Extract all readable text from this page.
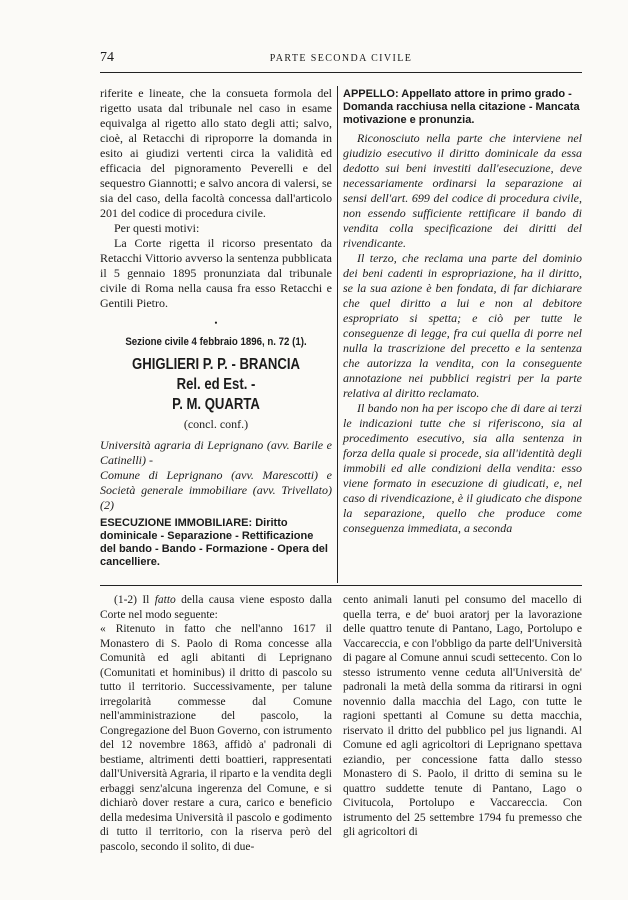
74	PARTE SECONDA CIVILE

riferite e lineate, che la consueta formola del rigetto usata dal tribunale nel caso in esame equivalga al rigetto allo stato degli atti; salvo, cioè, al Retacchi di riproporre la domanda in esito ai giudizi vertenti circa la validità ed efficacia del pignoramento Peverelli e del sequestro Giannotti; e salvo ancora di valersi, se sia del caso, della facoltà concessa dall'articolo 201 del codice di procedura civile.

Per questi motivi:

La Corte rigetta il ricorso presentato da Retacchi Vittorio avverso la sentenza pubblicata il 5 gennaio 1895 pronunziata dal tribunale civile di Roma nella causa fra esso Retacchi e Gentili Pietro.

•
Sezione civile 4 febbraio 1896, n. 72 (1).
GHIGLIERI P. P. - BRANCIA Rel. ed Est. -
P. M. QUARTA
(concl. conf.)

Università agraria di Leprignano (avv. Barile e Catinelli) -

Comune di Leprignano (avv. Marescotti) e Società generale immobiliare (avv. Trivellato) (2)

ESECUZIONE IMMOBILIARE: Diritto dominicale - Separazione - Rettificazione del bando - Bando - Formazione - Opera del cancelliere.
APPELLO: Appellato attore in primo grado - Domanda racchiusa nella citazione - Mancata motivazione e pronunzia.

Riconosciuto nella parte che interviene nel giudizio esecutivo il diritto dominicale da essa dedotto sui beni investiti dall'esecuzione, deve necessariamente ordinarsi la separazione ai sensi dell'art. 699 del codice di procedura civile, non essendo sufficiente rettificare il bando di vendita colla specificazione dei diritti del rivendicante.

Il terzo, che reclama una parte del dominio dei beni cadenti in espropriazione, ha il diritto, se la sua azione è ben fondata, di far dichiarare che quel diritto a lui e non al debitore espropriato si spetta; e ciò per tutte le conseguenze di legge, fra cui quella di porre nel nulla la trascrizione del precetto e la sentenza che autorizza la vendita, con la conseguente annotazione nei pubblici registri per la parte relativa al diritto reclamato.

Il bando non ha per iscopo che di dare ai terzi le indicazioni tutte che si riferiscono, sia al procedimento esecutivo, sia alla sentenza in forza della quale si procede, sia all'identità degli immobili ed alle condizioni della vendita: esso viene formato in esecuzione di giudicati, e, nel caso di rivendicazione, è il giudicato che dispone la separazione, quello che produce come conseguenza immediata, a seconda

(1-2) Il fatto della causa viene esposto dalla Corte nel modo seguente:

« Ritenuto in fatto che nell'anno 1617 il Monastero di S. Paolo di Roma concesse alla Comunità ed agli abitanti di Leprignano (Comunitati et hominibus) il dritto di pascolo su tutto il territorio. Successivamente, per talune irregolarità commesse dal Comune nell'amministrazione del pascolo, la Congregazione del Buon Governo, con istrumento del 12 novembre 1863, affidò a' padronali di bestiame, altrimenti detti boattieri, rappresentati dall'Università Agraria, il riparto e la vendita degli erbaggi senz'alcuna ingerenza del Comune, e si dichiarò dover restare a cura, carico e beneficio della medesima Università il pascolo e godimento di tutto il territorio, con la riserva però del pascolo, secondo il solito, di due-

cento animali lanuti pel consumo del macello di quella terra, e de' buoi aratorj per la lavorazione delle quattro tenute di Pantano, Lago, Portolupo e Vaccareccia, e con l'obbligo da parte dell'Università di pagare al Comune annui scudi settecento. Con lo stesso istrumento venne ceduta all'Università de' padronali la metà della somma da ritirarsi in ogni novennio dalla macchia del Lago, con tutte le ragioni spettanti al Comune su detta macchia, riservato il dritto del pubblico pel jus lignandi. Al Comune ed agli agricoltori di Leprignano spettava eziandio, per concessione fatta dallo stesso Monastero di S. Paolo, il dritto di semina su le quattro suddette tenute di Pantano, Lago o Civitucola, Portolupo e Vaccareccia. Con istrumento del 25 settembre 1794 fu premesso che gli agricoltori di
